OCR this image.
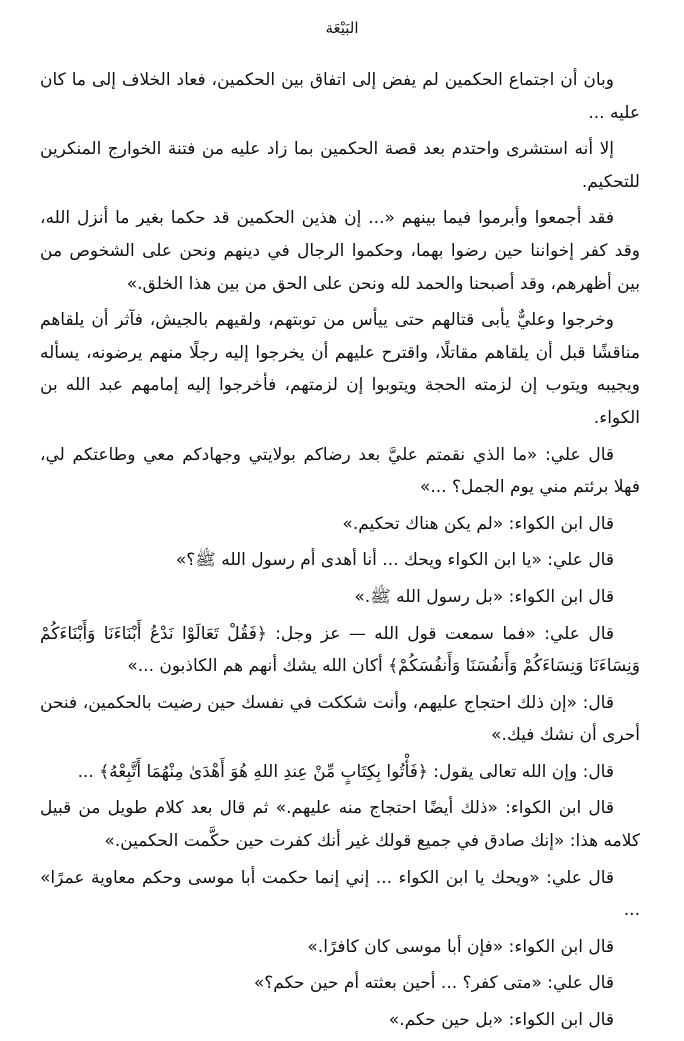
البَيْعَة

وبان أن اجتماع الحكمين لم يفض إلى اتفاق بين الحكمين، فعاد الخلاف إلى ما كان عليه ...

إلا أنه استشرى واحتدم بعد قصة الحكمين بما زاد عليه من فتنة الخوارج المنكرين للتحكيم.

فقد أجمعوا وأبرموا فيما بينهم «... إن هذين الحكمين قد حكما بغير ما أنزل الله، وقد كفر إخواننا حين رضوا بهما، وحكموا الرجال في دينهم ونحن على الشخوص من بين أظهرهم، وقد أصبحنا والحمد لله ونحن على الحق من بين هذا الخلق.»

وخرجوا وعليٌّ يأبى قتالهم حتى ييأس من توبتهم، ولقيهم بالجيش، فآثر أن يلقاهم مناقشًا قبل أن يلقاهم مقاتلًا، واقترح عليهم أن يخرجوا إليه رجلًا منهم يرضونه، يسأله ويجيبه ويتوب إن لزمته الحجة ويتوبوا إن لزمتهم، فأخرجوا إليه إمامهم عبد الله بن الكواء.

قال علي: «ما الذي نقمتم عليَّ بعد رضاكم بولايتي وجهادكم معي وطاعتكم لي، فهلا برئتم مني يوم الجمل؟ ...»

قال ابن الكواء: «لم يكن هناك تحكيم.»

قال علي: «يا ابن الكواء ويحك ... أنا أهدى أم رسول الله ﷺ؟»

قال ابن الكواء: «بل رسول الله ﷺ.»

قال علي: «فما سمعت قول الله — عز وجل: ﴿فَقُلْ تَعَالَوْا نَدْعُ أَبْنَاءَنَا وَأَبْنَاءَكُمْ وَنِسَاءَنَا وَنِسَاءَكُمْ وَأَنفُسَنَا وَأَنفُسَكُمْ﴾ أكان الله يشك أنهم هم الكاذبون ...»

قال: «إن ذلك احتجاج عليهم، وأنت شككت في نفسك حين رضيت بالحكمين، فنحن أحرى أن نشك فيك.»

قال: وإن الله تعالى يقول: ﴿فَأْتُوا بِكِتَابٍ مِّنْ عِندِ اللهِ هُوَ أَهْدَىٰ مِنْهُمَا أَتَّبِعْهُ﴾ ...

قال ابن الكواء: «ذلك أيضًا احتجاج منه عليهم.» ثم قال بعد كلام طويل من قبيل كلامه هذا: «إنك صادق في جميع قولك غير أنك كفرت حين حكَّمت الحكمين.»

قال علي: «ويحك يا ابن الكواء ... إني إنما حكمت أبا موسى وحكم معاوية عمرًا» ...

قال ابن الكواء: «فإن أبا موسى كان كافرًا.»

قال علي: «متى كفر؟ ... أحين بعثته أم حين حكم؟»

قال ابن الكواء: «بل حين حكم.»
